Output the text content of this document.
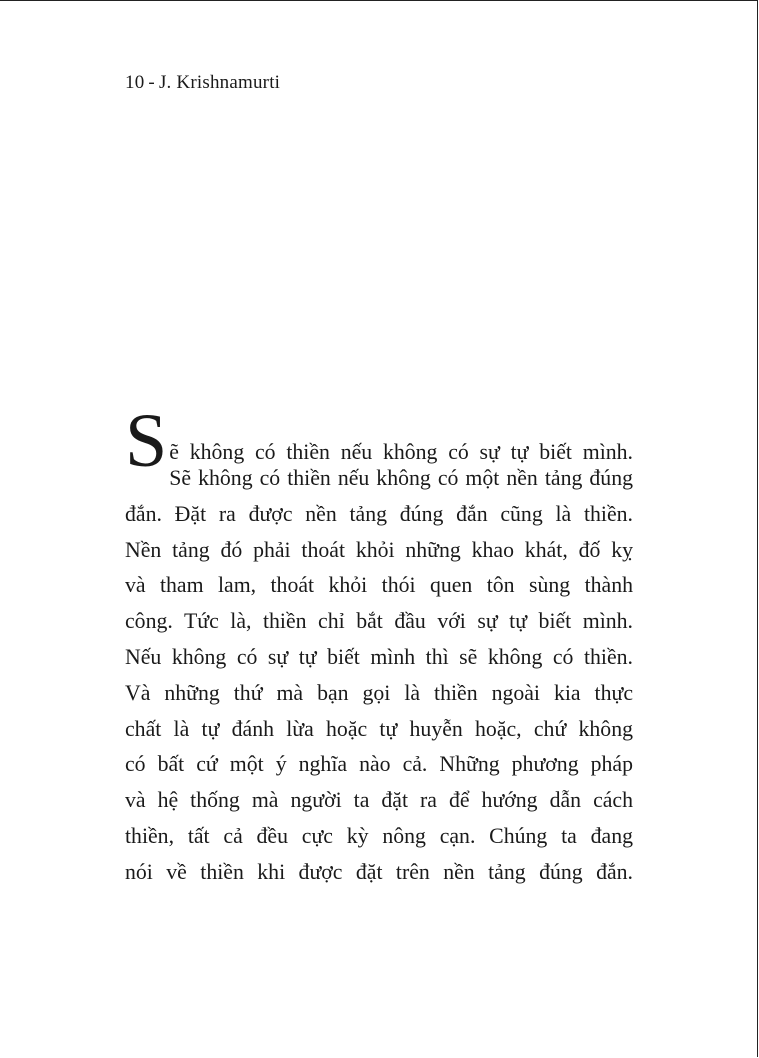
10 - J. Krishnamurti
S ẽ không có thiền nếu không có sự tự biết mình.
Sẽ không có thiền nếu không có một nền tảng đúng
đắn. Đặt ra được nền tảng đúng đắn cũng là thiền.
Nền tảng đó phải thoát khỏi những khao khát, đố kỵ
và tham lam, thoát khỏi thói quen tôn sùng thành
công. Tức là, thiền chỉ bắt đầu với sự tự biết mình.
Nếu không có sự tự biết mình thì sẽ không có thiền.
Và những thứ mà bạn gọi là thiền ngoài kia thực
chất là tự đánh lừa hoặc tự huyễn hoặc, chứ không
có bất cứ một ý nghĩa nào cả. Những phương pháp
và hệ thống mà người ta đặt ra để hướng dẫn cách
thiền, tất cả đều cực kỳ nông cạn. Chúng ta đang
nói về thiền khi được đặt trên nền tảng đúng đắn.
